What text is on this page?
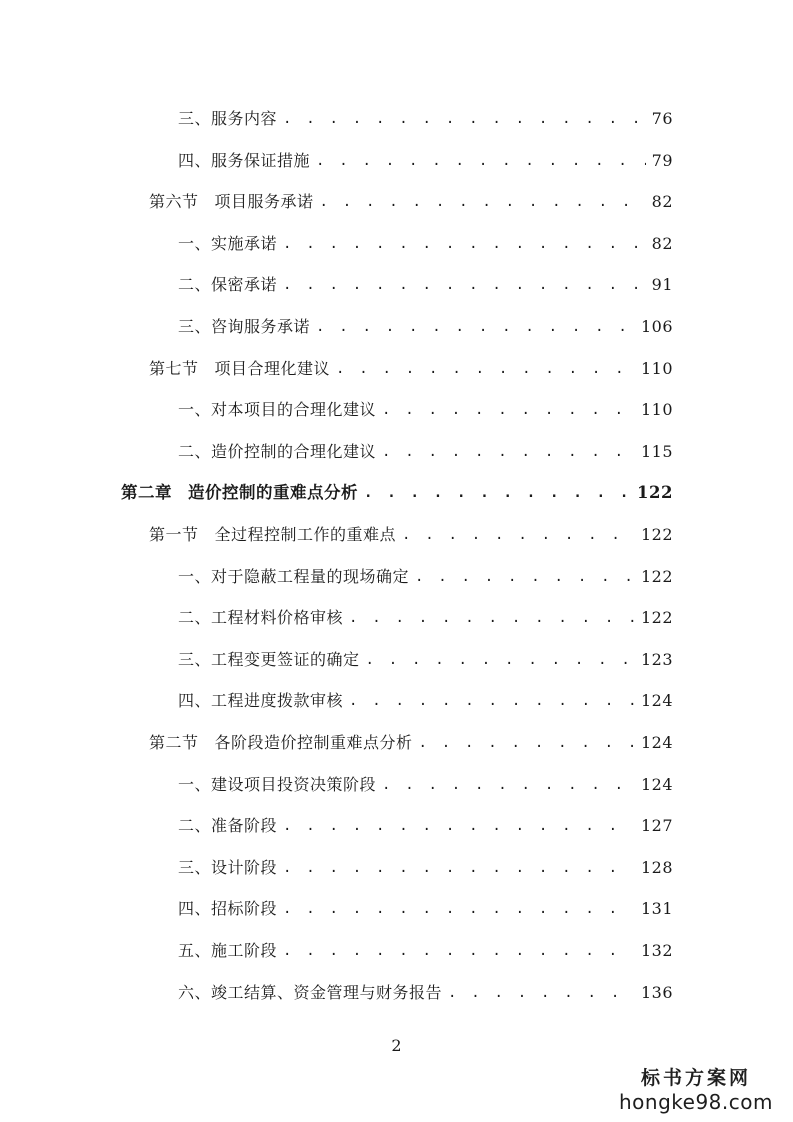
三、服务内容 . . .	76
四、服务保证措施 . . .	79
第六节 项目服务承诺 . . .	82
一、实施承诺 . . .	82
二、保密承诺 . . .	91
三、咨询服务承诺 . . .	106
第七节 项目合理化建议 . . .	110
一、对本项目的合理化建议 . . .	110
二、造价控制的合理化建议 . . .	115
第二章 造价控制的重难点分析 . . .	122
第一节 全过程控制工作的重难点 . . .	122
一、对于隐蔽工程量的现场确定 . . .	122
二、工程材料价格审核 . . .	122
三、工程变更签证的确定 . . .	123
四、工程进度拨款审核 . . .	124
第二节 各阶段造价控制重难点分析 . . .	124
一、建设项目投资决策阶段 . . .	124
二、准备阶段 . . .	127
三、设计阶段 . . .	128
四、招标阶段 . . .	131
五、施工阶段 . . .	132
六、竣工结算、资金管理与财务报告 . . .	136
2
标书方案网
hongke98.com
